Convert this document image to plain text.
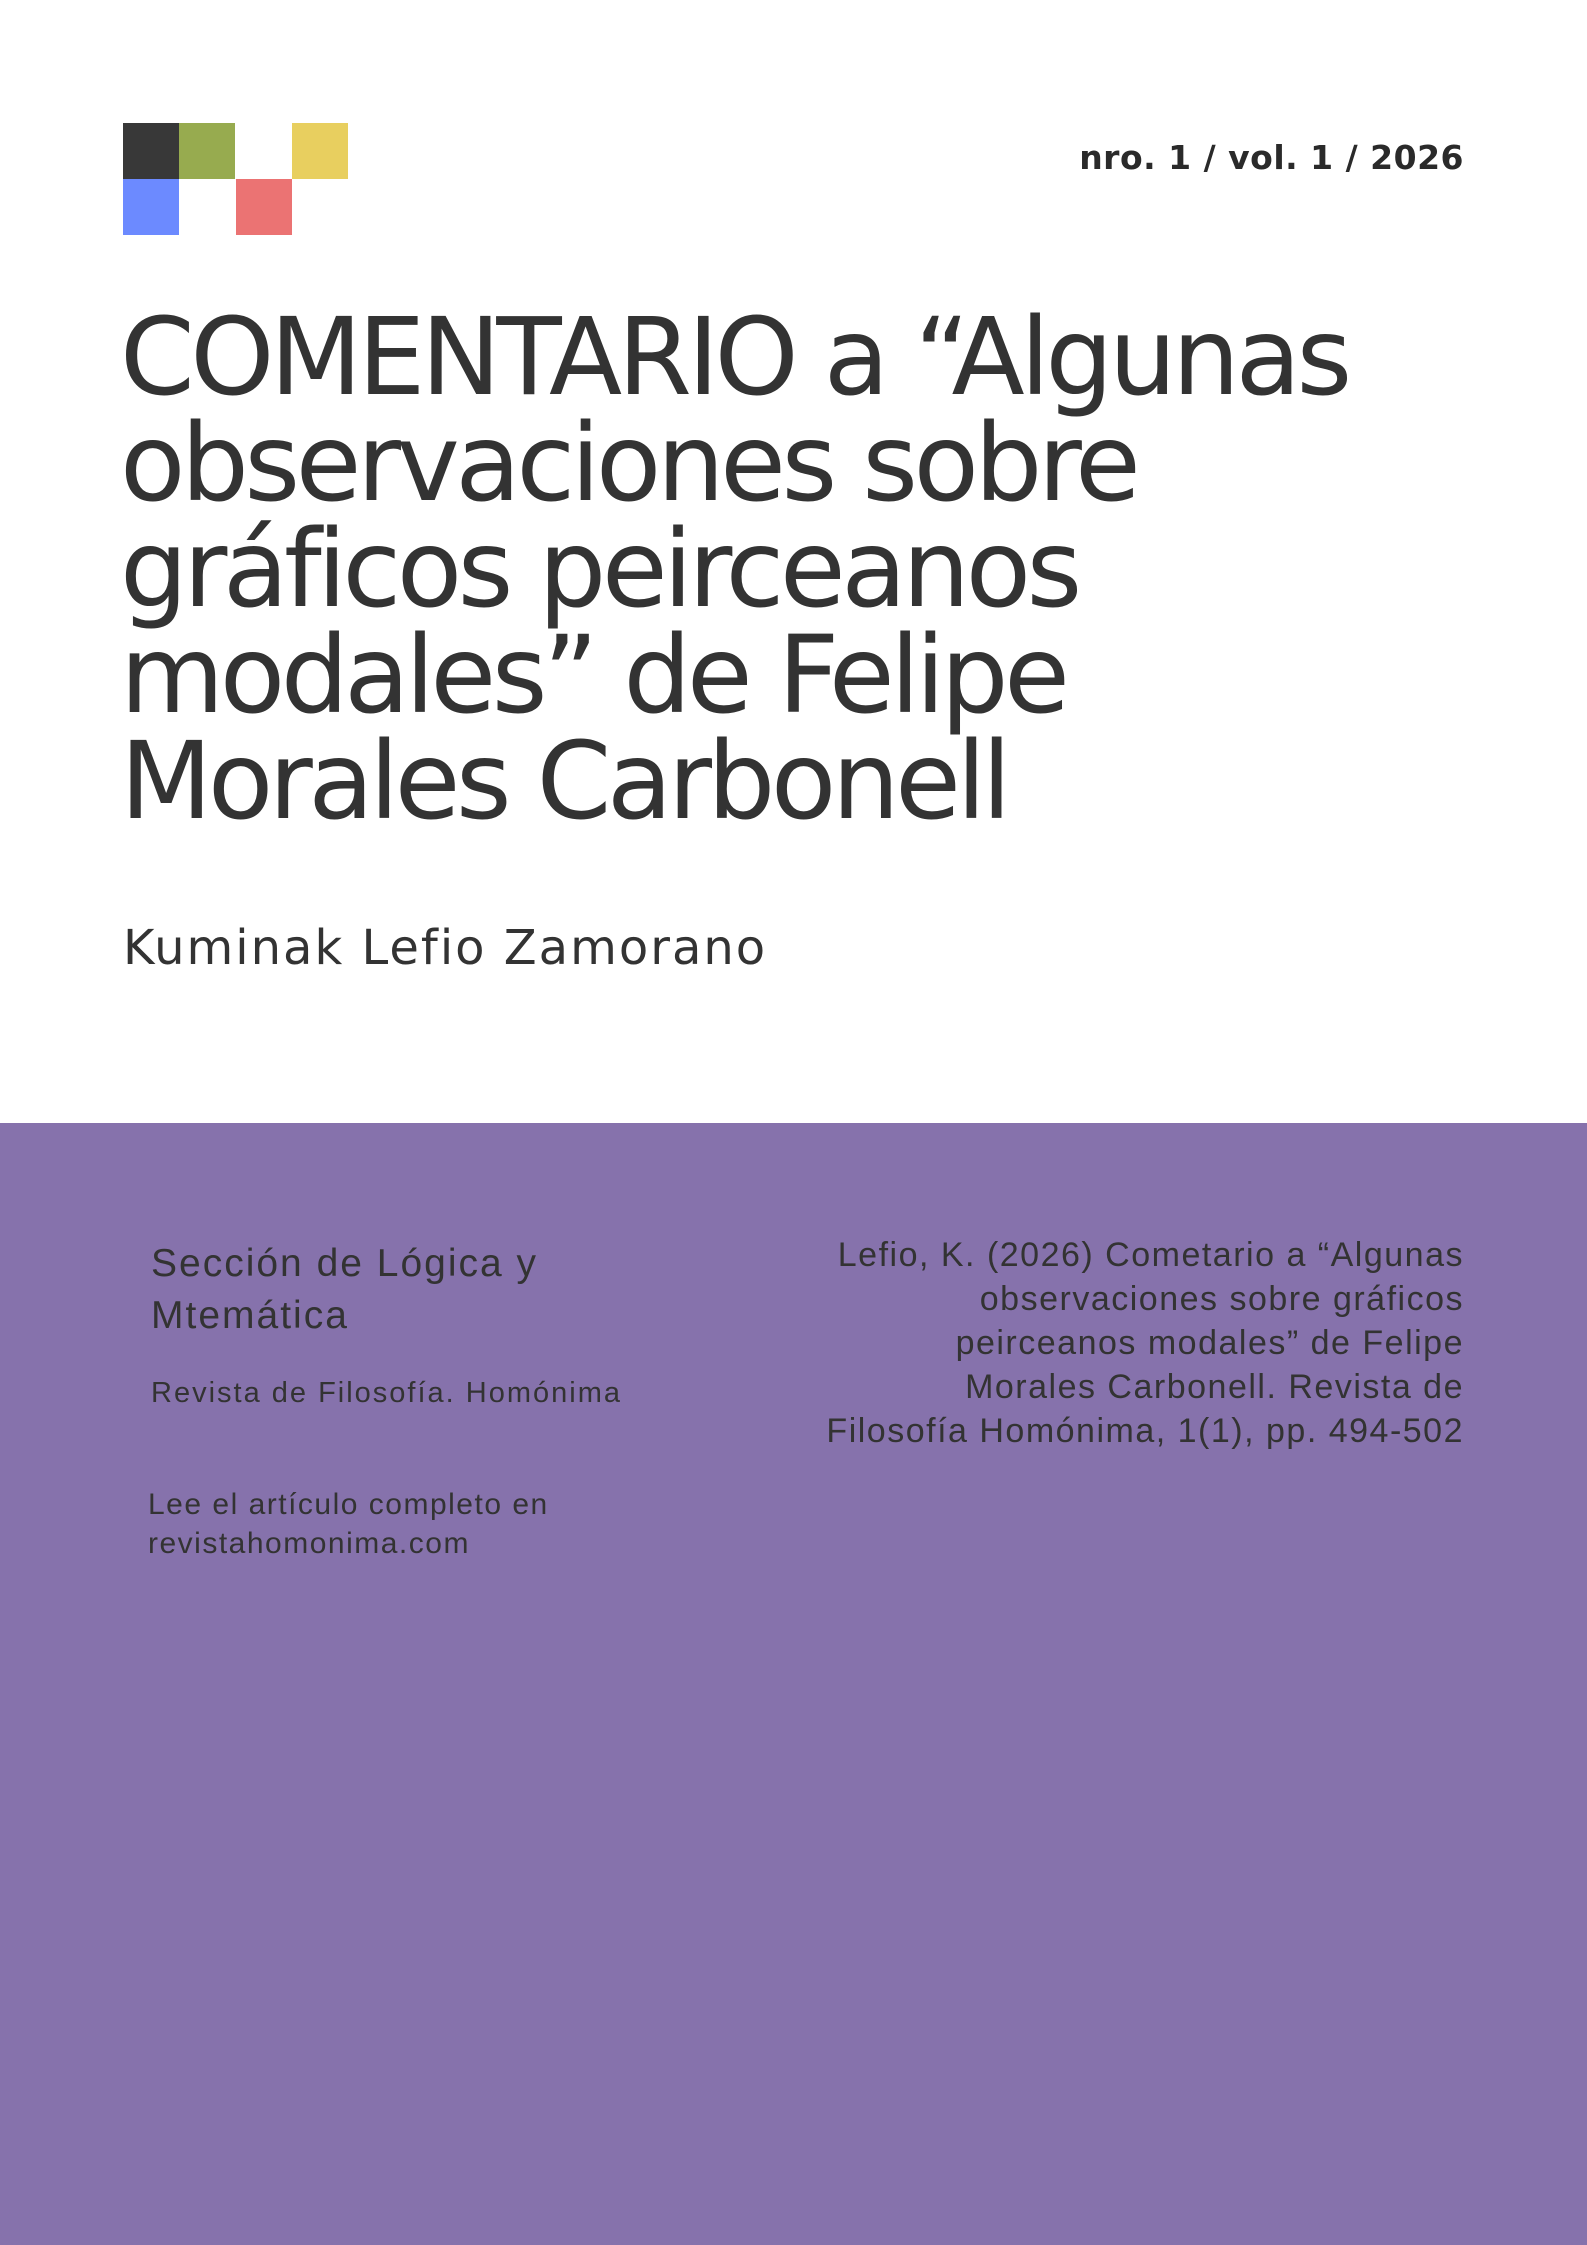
nro. 1 / vol. 1 / 2026
COMENTARIO a “Algunas observaciones sobre gráficos peirceanos modales” de Felipe Morales Carbonell
Kuminak Lefio Zamorano
Sección de Lógica y Mtemática
Revista de Filosofía. Homónima
Lee el artículo completo en
revistahomonima.com
Lefio, K. (2026) Cometario a “Algunas observaciones sobre gráficos peirceanos modales” de Felipe Morales Carbonell. Revista de Filosofía Homónima, 1(1), pp. 494-502
